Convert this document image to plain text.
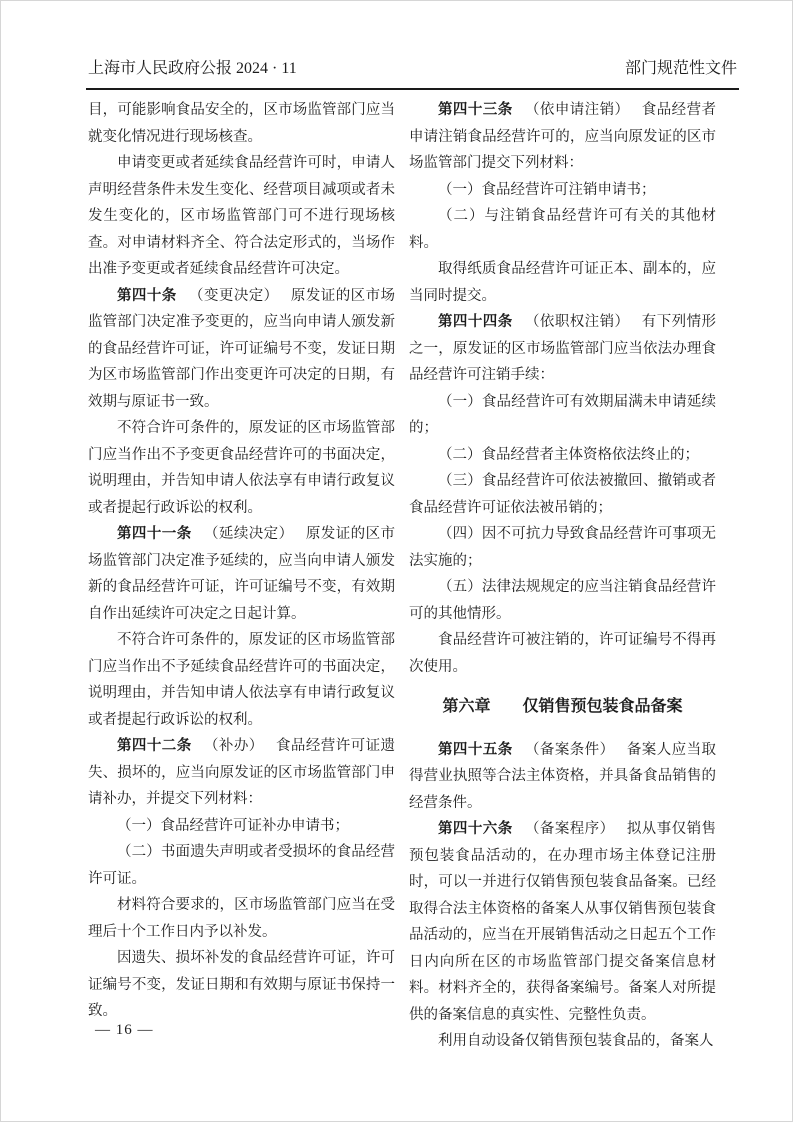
上海市人民政府公报 2024 · 11	部门规范性文件

目，可能影响食品安全的，区市场监管部门应当就变化情况进行现场核查。

申请变更或者延续食品经营许可时，申请人声明经营条件未发生变化、经营项目减项或者未发生变化的，区市场监管部门可不进行现场核查。对申请材料齐全、符合法定形式的，当场作出准予变更或者延续食品经营许可决定。

第四十条 （变更决定） 原发证的区市场监管部门决定准予变更的，应当向申请人颁发新的食品经营许可证，许可证编号不变，发证日期为区市场监管部门作出变更许可决定的日期，有效期与原证书一致。

不符合许可条件的，原发证的区市场监管部门应当作出不予变更食品经营许可的书面决定，说明理由，并告知申请人依法享有申请行政复议或者提起行政诉讼的权利。

第四十一条 （延续决定） 原发证的区市场监管部门决定准予延续的，应当向申请人颁发新的食品经营许可证，许可证编号不变，有效期自作出延续许可决定之日起计算。

不符合许可条件的，原发证的区市场监管部门应当作出不予延续食品经营许可的书面决定，说明理由，并告知申请人依法享有申请行政复议或者提起行政诉讼的权利。

第四十二条 （补办） 食品经营许可证遗失、损坏的，应当向原发证的区市场监管部门申请补办，并提交下列材料：

（一）食品经营许可证补办申请书；

（二）书面遗失声明或者受损坏的食品经营许可证。

材料符合要求的，区市场监管部门应当在受理后十个工作日内予以补发。

因遗失、损坏补发的食品经营许可证，许可证编号不变，发证日期和有效期与原证书保持一致。

第四十三条 （依申请注销） 食品经营者申请注销食品经营许可的，应当向原发证的区市场监管部门提交下列材料：

（一）食品经营许可注销申请书；

（二）与注销食品经营许可有关的其他材料。

取得纸质食品经营许可证正本、副本的，应当同时提交。

第四十四条 （依职权注销） 有下列情形之一，原发证的区市场监管部门应当依法办理食品经营许可注销手续：

（一）食品经营许可有效期届满未申请延续的；

（二）食品经营者主体资格依法终止的；

（三）食品经营许可依法被撤回、撤销或者食品经营许可证依法被吊销的；

（四）因不可抗力导致食品经营许可事项无法实施的；

（五）法律法规规定的应当注销食品经营许可的其他情形。

食品经营许可被注销的，许可证编号不得再次使用。

第六章　　仅销售预包装食品备案

第四十五条 （备案条件） 备案人应当取得营业执照等合法主体资格，并具备食品销售的经营条件。

第四十六条 （备案程序） 拟从事仅销售预包装食品活动的，在办理市场主体登记注册时，可以一并进行仅销售预包装食品备案。已经取得合法主体资格的备案人从事仅销售预包装食品活动的，应当在开展销售活动之日起五个工作日内向所在区的市场监管部门提交备案信息材料。材料齐全的，获得备案编号。备案人对所提供的备案信息的真实性、完整性负责。

利用自动设备仅销售预包装食品的，备案人

— 16 —
